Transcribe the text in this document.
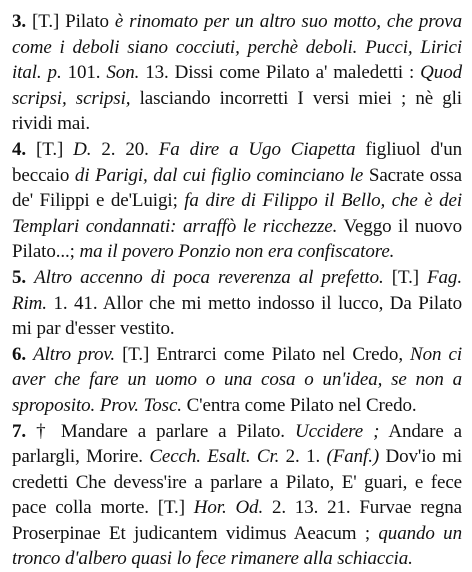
3. [T.] Pilato è rinomato per un altro suo motto, che prova come i deboli siano cocciuti, perchè deboli. Pucci, Lirici ital. p. 101. Son. 13. Dissi come Pilato a' maledetti : Quod scripsi, scripsi, lasciando incorretti I versi miei ; nè gli rividi mai.

4. [T.] D. 2. 20. Fa dire a Ugo Ciapetta figliuol d'un beccaio di Parigi, dal cui figlio cominciano le Sacrate ossa de' Filippi e de'Luigi; fa dire di Filippo il Bello, che è dei Templari condannati: arraffò le ricchezze. Veggo il nuovo Pilato...; ma il povero Ponzio non era confiscatore.

5. Altro accenno di poca reverenza al prefetto. [T.] Fag. Rim. 1. 41. Allor che mi metto indosso il lucco, Da Pilato mi par d'esser vestito.

6. Altro prov. [T.] Entrarci come Pilato nel Credo, Non ci aver che fare un uomo o una cosa o un'idea, se non a sproposito. Prov. Tosc. C'entra come Pilato nel Credo.

7. † Mandare a parlare a Pilato. Uccidere ; Andare a parlargli, Morire. Cecch. Esalt. Cr. 2. 1. (Fanf.) Dov'io mi credetti Che devess'ire a parlare a Pilato, E' guari, e fece pace colla morte. [T.] Hor. Od. 2. 13. 21. Furvae regna Proserpinae Et judicantem vidimus Aeacum ; quando un tronco d'albero quasi lo fece rimanere alla schiaccia.
